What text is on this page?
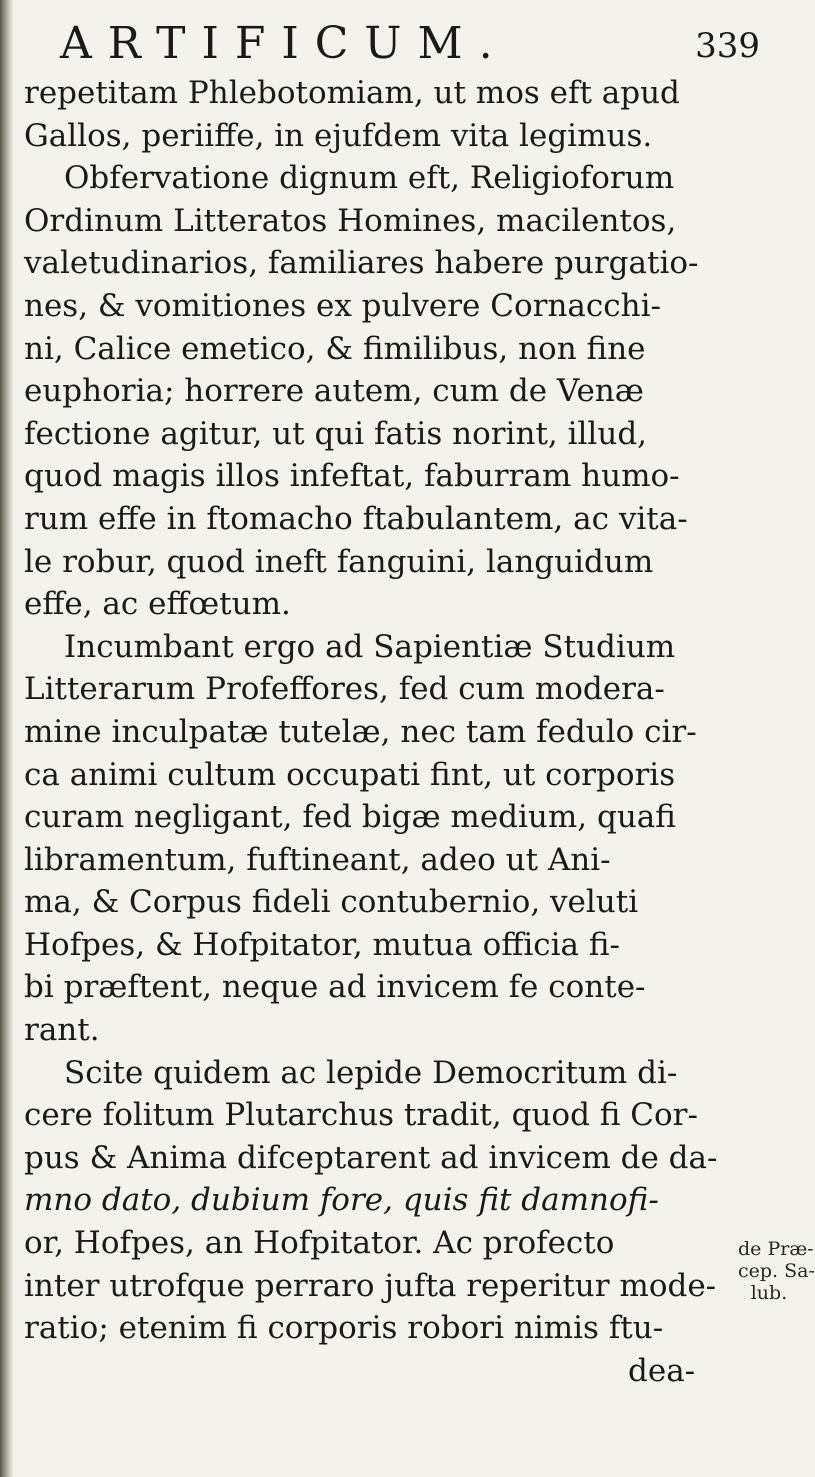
ARTIFICUM.	339
repetitam Phlebotomiam, ut mos eft apud
Gallos, periiffe, in ejufdem vita legimus.
Obfervatione dignum eft, Religioforum
Ordinum Litteratos Homines, macilentos,
valetudinarios, familiares habere purgatio-
nes, & vomitiones ex pulvere Cornacchi-
ni, Calice emetico, & fimilibus, non fine
euphoria; horrere autem, cum de Venæ
fectione agitur, ut qui fatis norint, illud,
quod magis illos infeftat, faburram humo-
rum effe in ftomacho ftabulantem, ac vita-
le robur, quod ineft fanguini, languidum
effe, ac effœtum.
Incumbant ergo ad Sapientiæ Studium
Litterarum Profeffores, fed cum modera-
mine inculpatæ tutelæ, nec tam fedulo cir-
ca animi cultum occupati fint, ut corporis
curam negligant, fed bigæ medium, quafi
libramentum, fuftineant, adeo ut Ani-
ma, & Corpus fideli contubernio, veluti
Hofpes, & Hofpitator, mutua officia fi-
bi præftent, neque ad invicem fe conte-
rant.
Scite quidem ac lepide Democritum di-
cere folitum Plutarchus tradit, quod fi Cor-
pus & Anima difceptarent ad invicem de da-
mno dato, dubium fore, quis fit damnofi-
or, Hofpes, an Hofpitator. Ac profecto
inter utrofque perraro jufta reperitur mode-
ratio; etenim fi corporis robori nimis ftu-
dea-
de Præ-
cep. Sa-
lub.
